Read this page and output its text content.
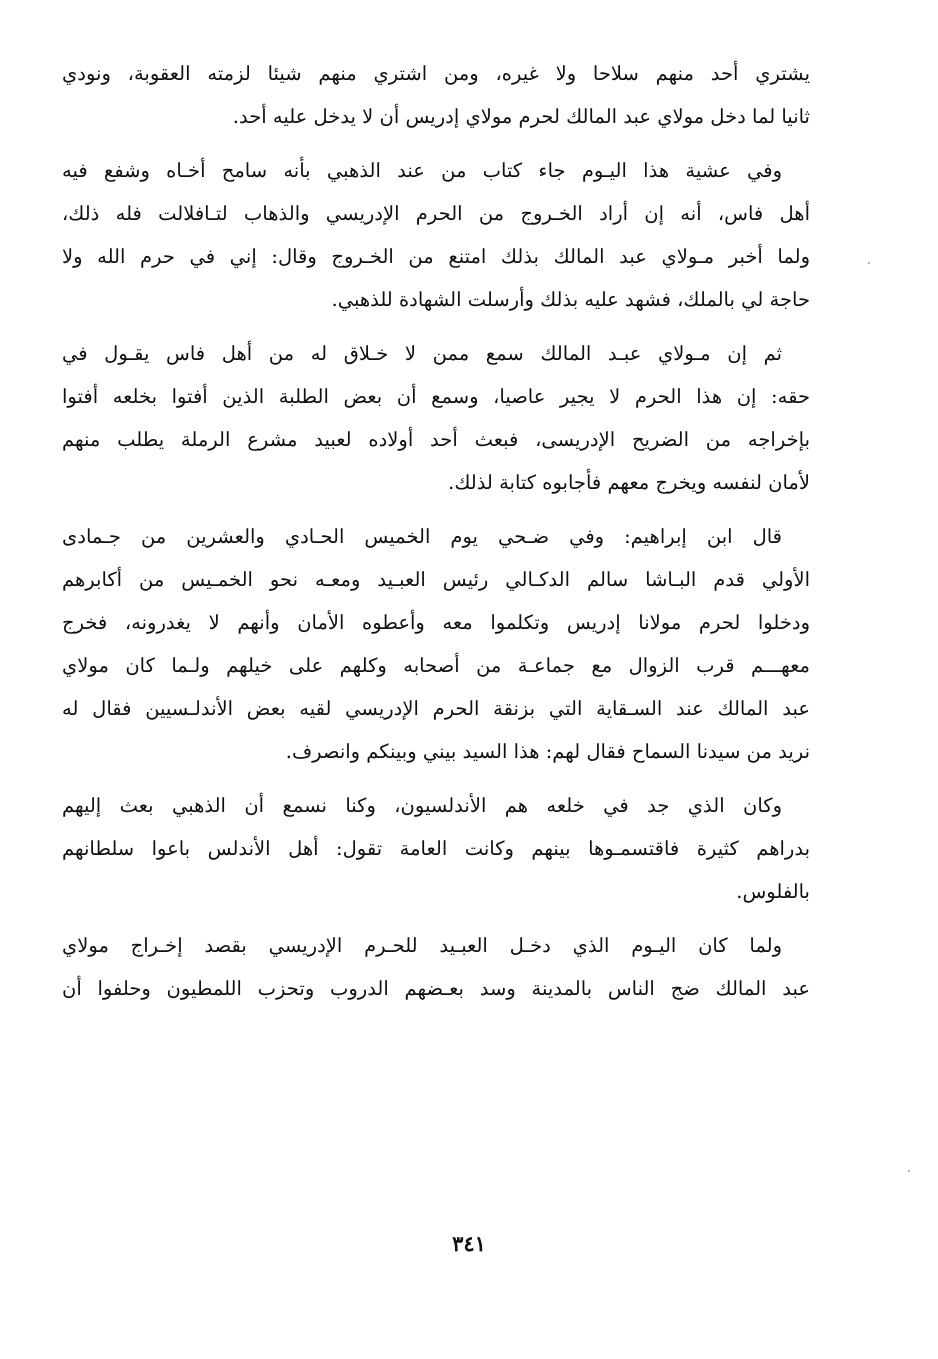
يشتري أحد منهم سلاحا ولا غيره، ومن اشتري منهم شيئا لزمته العقوبة، ونودي
ثانيا لما دخل مولاي عبد المالك لحرم مولاي إدريس أن لا يدخل عليه أحد.
وفي عشية هذا اليـوم جاء كتاب من عند الذهبي بأنه سامح أخـاه وشفع فيه
أهل فاس، أنه إن أراد الخـروج من الحرم الإدريسي والذهاب لتـافلالت فله ذلك،
ولما أخبر مـولاي عبد المالك بذلك امتنع من الخـروج وقال: إني في حرم الله ولا
حاجة لي بالملك، فشهد عليه بذلك وأرسلت الشهادة للذهبي.
ثم إن مـولاي عبـد المالك سمع ممن لا خـلاق له من أهل فاس يقـول في
حقه: إن هذا الحرم لا يجير عاصيا، وسمع أن بعض الطلبة الذين أفتوا بخلعه أفتوا
بإخراجه من الضريح الإدريسى، فبعث أحد أولاده لعبيد مشرع الرملة يطلب منهم
لأمان لنفسه ويخرج معهم فأجابوه كتابة لذلك.
قال ابن إبراهيم: وفي ضـحي يوم الخميس الحـادي والعشرين من جـمادى
الأولي قدم البـاشا سالم الدكـالي رئيس العبـيد ومعـه نحو الخمـيس من أكابرهم
ودخلوا لحرم مولانا إدريس وتكلموا معه وأعطوه الأمان وأنهم لا يغدرونه، فخرج
معهـــم قرب الزوال مع جماعـة من أصحابه وكلهم على خيلهم ولـما كان مولاي
عبد المالك عند السـقاية التي بزنقة الحرم الإدريسي لقيه بعض الأندلـسيين فقال له
نريد من سيدنا السماح فقال لهم: هذا السيد بيني وبينكم وانصرف.
وكان الذي جد في خلعه هم الأندلسيون، وكنا نسمع أن الذهبي بعث إليهم
بدراهم كثيرة فاقتسمـوها بينهم وكانت العامة تقول: أهل الأندلس باعوا سلطانهم
بالفلوس.
ولما كان اليـوم الذي دخـل العبـيد للحـرم الإدريسي بقصد إخـراج مولاي
عبد المالك ضج الناس بالمدينة وسد بعـضهم الدروب وتحزب اللمطيون وحلفوا أن
٣٤١
